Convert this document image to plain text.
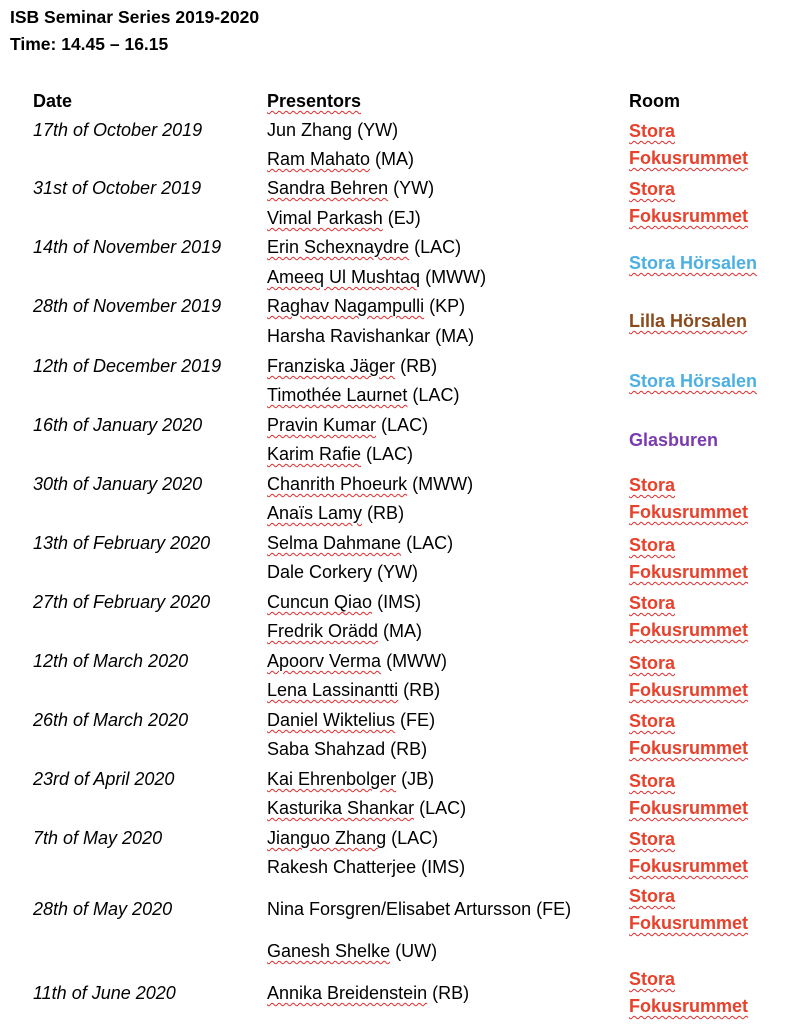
ISB Seminar Series 2019-2020
Time: 14.45 – 16.15
Date	Presentors	Room
17th of October 2019
31st of October 2019
14th of November 2019
28th of November 2019
12th of December 2019
16th of January 2020
30th of January 2020
13th of February 2020
27th of February 2020
12th of March 2020
26th of March 2020
23rd of April 2020
7th of May 2020
28th of May 2020
11th of June 2020
Jun Zhang (YW)
Ram Mahato (MA)
Sandra Behren (YW)
Vimal Parkash (EJ)
Erin Schexnaydre (LAC)
Ameeq Ul Mushtaq (MWW)
Raghav Nagampulli (KP)
Harsha Ravishankar (MA)
Franziska Jäger (RB)
Timothée Laurnet (LAC)
Pravin Kumar (LAC)
Karim Rafie (LAC)
Chanrith Phoeurk (MWW)
Anaïs Lamy (RB)
Selma Dahmane (LAC)
Dale Corkery (YW)
Cuncun Qiao (IMS)
Fredrik Orädd (MA)
Apoorv Verma (MWW)
Lena Lassinantti (RB)
Daniel Wiktelius (FE)
Saba Shahzad (RB)
Kai Ehrenbolger (JB)
Kasturika Shankar (LAC)
Jianguo Zhang (LAC)
Rakesh Chatterjee (IMS)
Nina Forsgren/Elisabet Artursson (FE)
Ganesh Shelke (UW)
Annika Breidenstein (RB)
Stora
Fokusrummet
Stora
Fokusrummet
Stora Hörsalen
Lilla Hörsalen
Stora Hörsalen
Glasburen
Stora
Fokusrummet
Stora
Fokusrummet
Stora
Fokusrummet
Stora
Fokusrummet
Stora
Fokusrummet
Stora
Fokusrummet
Stora
Fokusrummet
Stora
Fokusrummet
Stora
Fokusrummet
